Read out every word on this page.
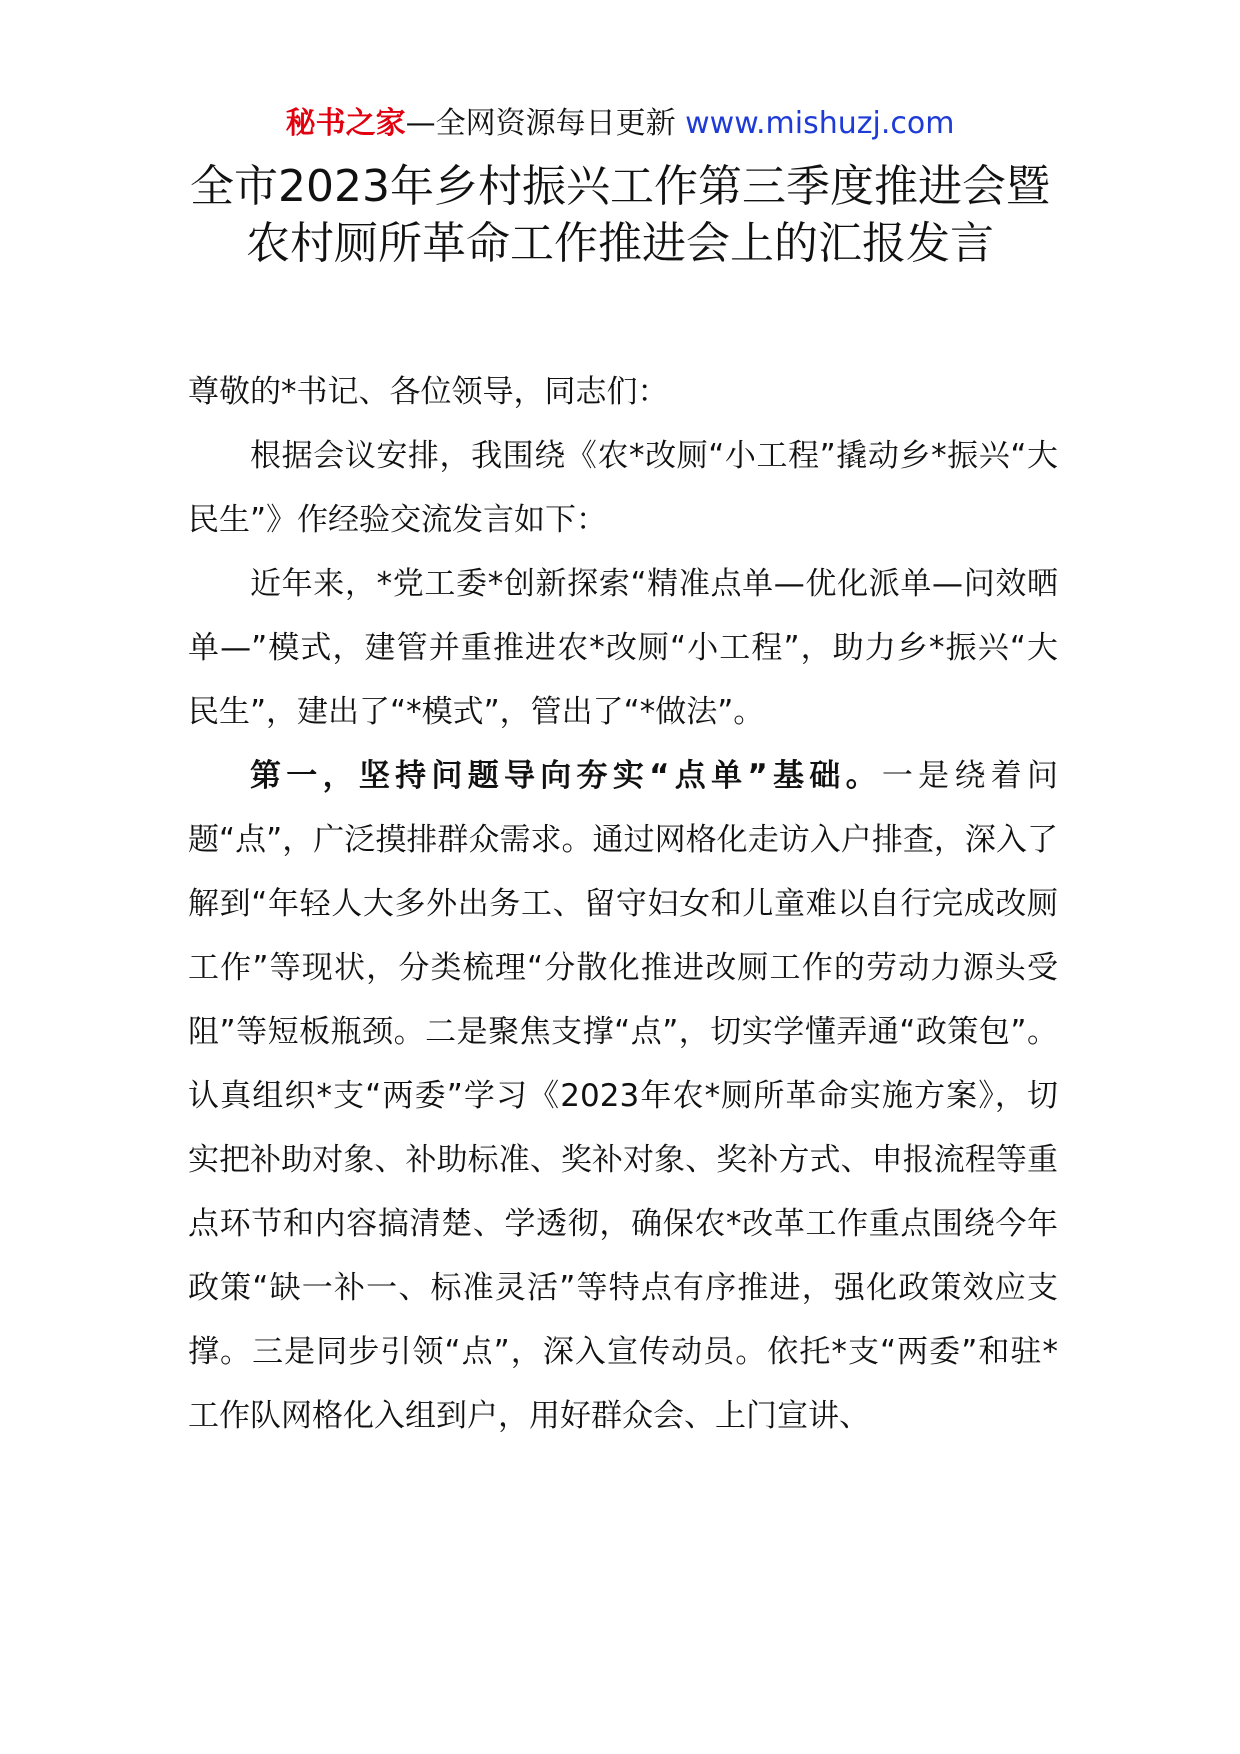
秘书之家—全网资源每日更新 www.mishuzj.com
全市2023年乡村振兴工作第三季度推进会暨农村厕所革命工作推进会上的汇报发言

尊敬的*书记、各位领导，同志们：

根据会议安排，我围绕《农*改厕“小工程”撬动乡*振兴“大民生”》作经验交流发言如下：

近年来，*党工委*创新探索“精准点单—优化派单—问效晒单—”模式，建管并重推进农*改厕“小工程”，助力乡*振兴“大民生”，建出了“*模式”，管出了“*做法”。

第一，坚持问题导向夯实“点单”基础。一是绕着问题“点”，广泛摸排群众需求。通过网格化走访入户排查，深入了解到“年轻人大多外出务工、留守妇女和儿童难以自行完成改厕工作”等现状，分类梳理“分散化推进改厕工作的劳动力源头受阻”等短板瓶颈。二是聚焦支撑“点”，切实学懂弄通“政策包”。认真组织*支“两委”学习《2023年农*厕所革命实施方案》，切实把补助对象、补助标准、奖补对象、奖补方式、申报流程等重点环节和内容搞清楚、学透彻，确保农*改革工作重点围绕今年政策“缺一补一、标准灵活”等特点有序推进，强化政策效应支撑。三是同步引领“点”，深入宣传动员。依托*支“两委”和驻*工作队网格化入组到户，用好群众会、上门宣讲、
